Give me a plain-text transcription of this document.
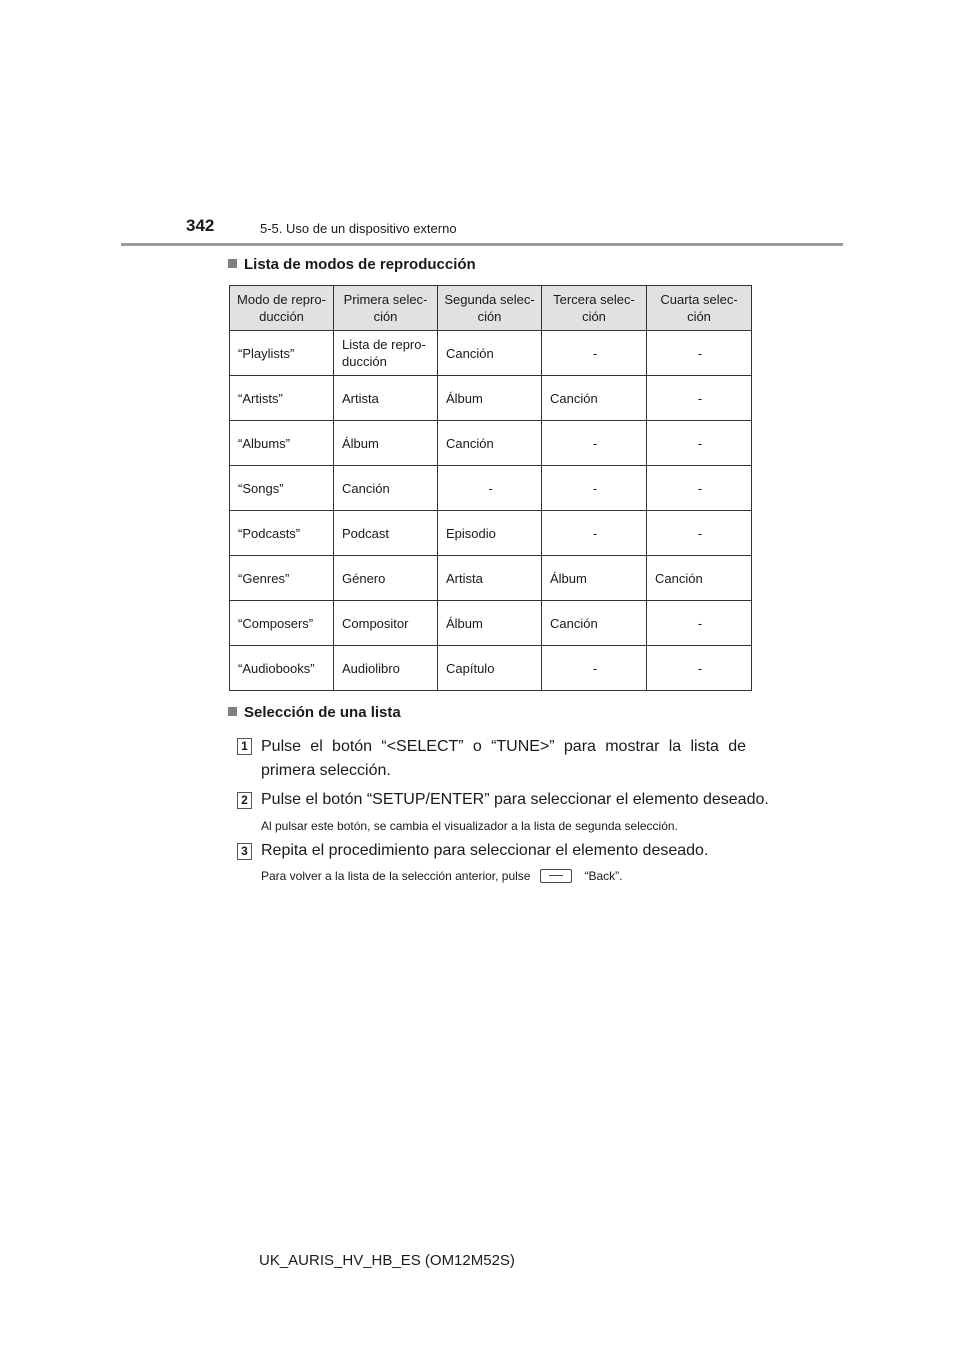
342	5-5. Uso de un dispositivo externo
Lista de modos de reproducción
Modo de repro-ducción	Primera selec-ción	Segunda selec-ción	Tercera selec-ción	Cuarta selec-ción
“Playlists”	Lista de repro-ducción	Canción	-	-
“Artists”	Artista	Álbum	Canción	-
“Albums”	Álbum	Canción	-	-
“Songs”	Canción	-	-	-
“Podcasts”	Podcast	Episodio	-	-
“Genres”	Género	Artista	Álbum	Canción
“Composers”	Compositor	Álbum	Canción	-
“Audiobooks”	Audiolibro	Capítulo	-	-
Selección de una lista
1 Pulse el botón “<SELECT” o “TUNE>” para mostrar la lista de primera selección.
2 Pulse el botón “SETUP/ENTER” para seleccionar el elemento deseado.
Al pulsar este botón, se cambia el visualizador a la lista de segunda selección.
3 Repita el procedimiento para seleccionar el elemento deseado.
Para volver a la lista de la selección anterior, pulse	“Back”.
UK_AURIS_HV_HB_ES (OM12M52S)
